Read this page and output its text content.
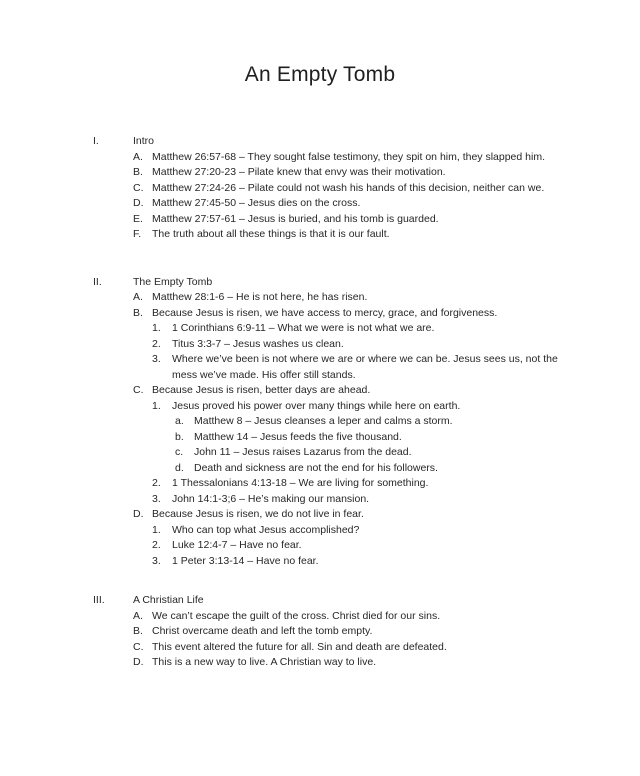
An Empty Tomb
I.	Intro
A. Matthew 26:57-68 – They sought false testimony, they spit on him, they slapped him.
B. Matthew 27:20-23 – Pilate knew that envy was their motivation.
C. Matthew 27:24-26 – Pilate could not wash his hands of this decision, neither can we.
D. Matthew 27:45-50 – Jesus dies on the cross.
E. Matthew 27:57-61 – Jesus is buried, and his tomb is guarded.
F.	The truth about all these things is that it is our fault.
II.	The Empty Tomb
A. Matthew 28:1-6 – He is not here, he has risen.
B. Because Jesus is risen, we have access to mercy, grace, and forgiveness.
1.	1 Corinthians 6:9-11 – What we were is not what we are.
2.	Titus 3:3-7 – Jesus washes us clean.
3.	Where we’ve been is not where we are or where we can be. Jesus sees us, not the mess we’ve made. His offer still stands.
C. Because Jesus is risen, better days are ahead.
1.	Jesus proved his power over many things while here on earth.
a. Matthew 8 – Jesus cleanses a leper and calms a storm.
b. Matthew 14 – Jesus feeds the five thousand.
c.	John 11 – Jesus raises Lazarus from the dead.
d. Death and sickness are not the end for his followers.
2.	1 Thessalonians 4:13-18 – We are living for something.
3.	John 14:1-3;6 – He’s making our mansion.
D. Because Jesus is risen, we do not live in fear.
1.	Who can top what Jesus accomplished?
2.	Luke 12:4-7 – Have no fear.
3.	1 Peter 3:13-14 – Have no fear.
III.	A Christian Life
A. We can’t escape the guilt of the cross. Christ died for our sins.
B. Christ overcame death and left the tomb empty.
C. This event altered the future for all. Sin and death are defeated.
D. This is a new way to live. A Christian way to live.
